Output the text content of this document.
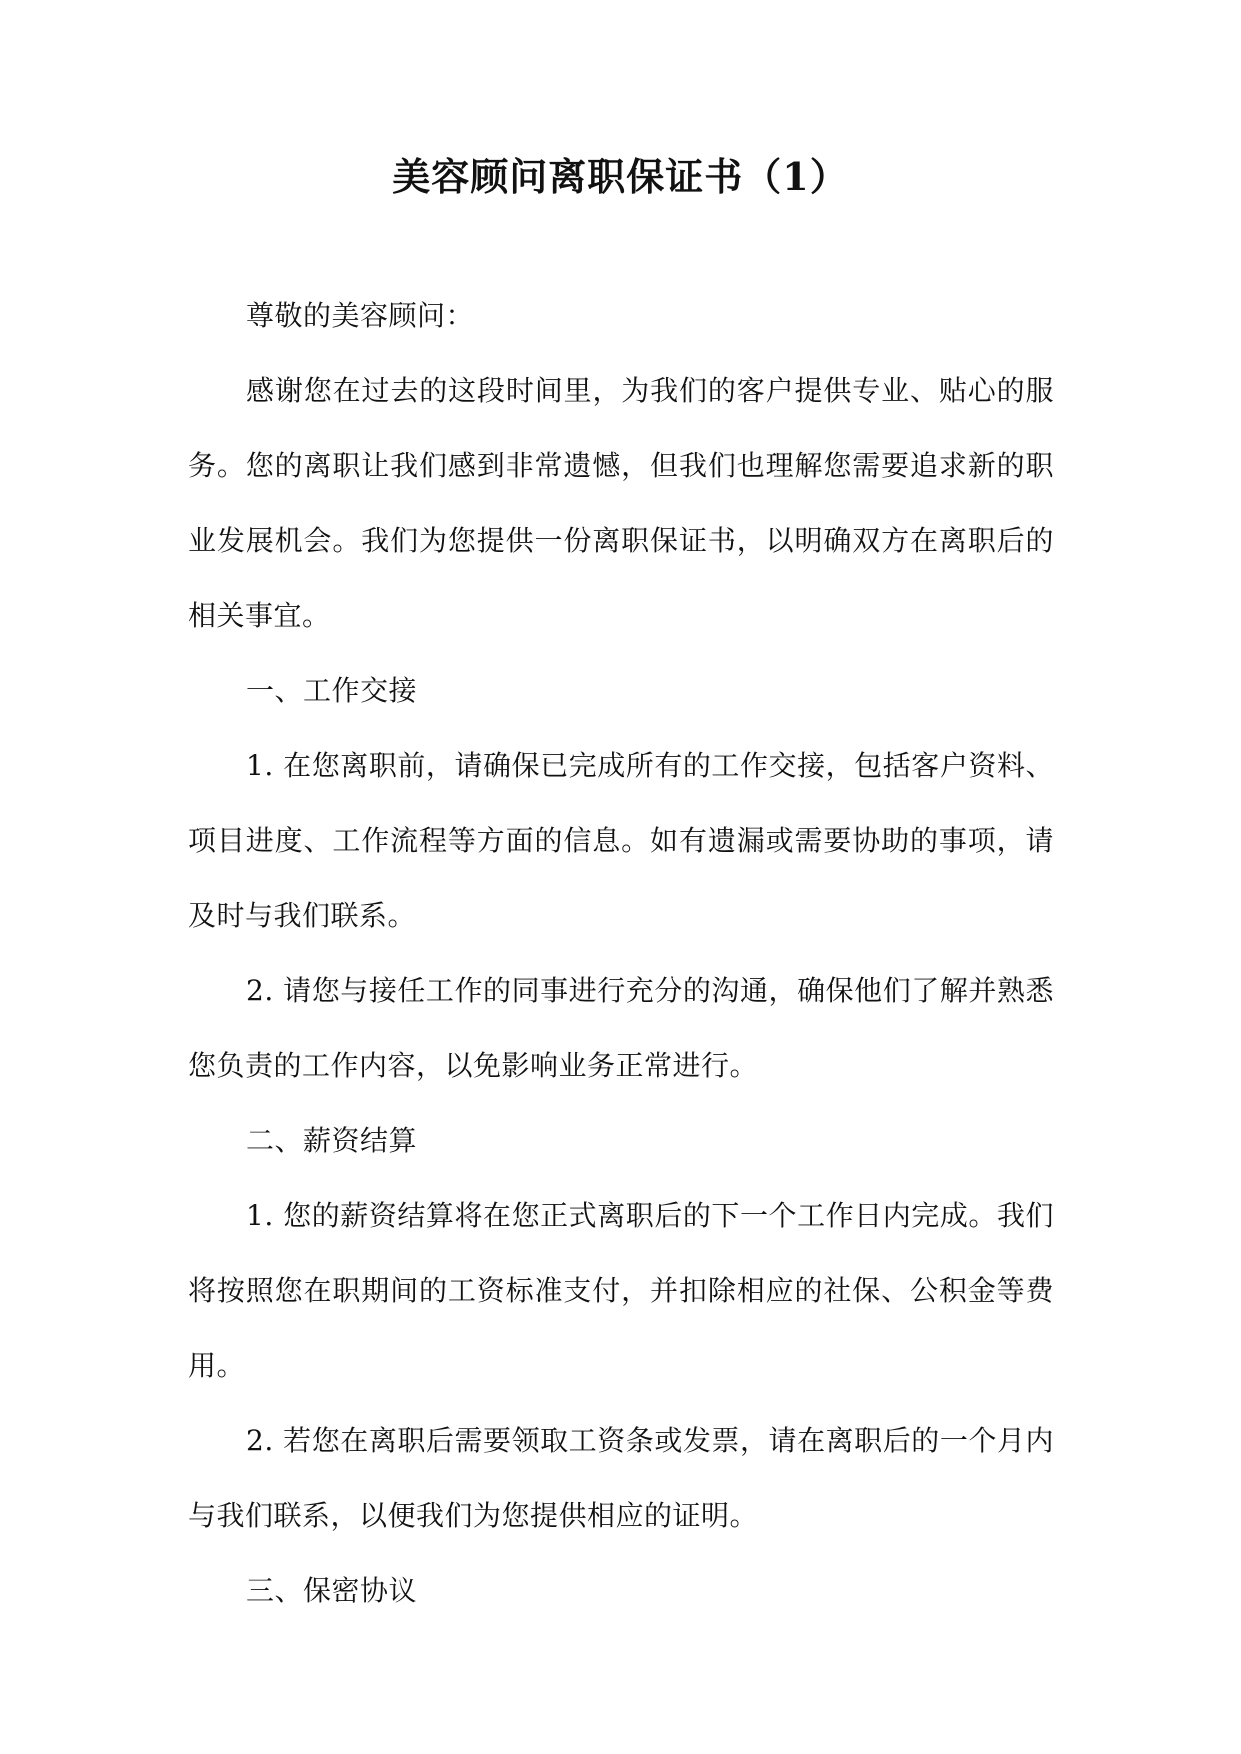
美容顾问离职保证书（1）

尊敬的美容顾问：

感谢您在过去的这段时间里，为我们的客户提供专业、贴心的服务。您的离职让我们感到非常遗憾，但我们也理解您需要追求新的职业发展机会。我们为您提供一份离职保证书，以明确双方在离职后的相关事宜。

一、工作交接

1. 在您离职前，请确保已完成所有的工作交接，包括客户资料、项目进度、工作流程等方面的信息。如有遗漏或需要协助的事项，请及时与我们联系。

2. 请您与接任工作的同事进行充分的沟通，确保他们了解并熟悉您负责的工作内容，以免影响业务正常进行。

二、薪资结算

1. 您的薪资结算将在您正式离职后的下一个工作日内完成。我们将按照您在职期间的工资标准支付，并扣除相应的社保、公积金等费用。

2. 若您在离职后需要领取工资条或发票，请在离职后的一个月内与我们联系，以便我们为您提供相应的证明。

三、保密协议
